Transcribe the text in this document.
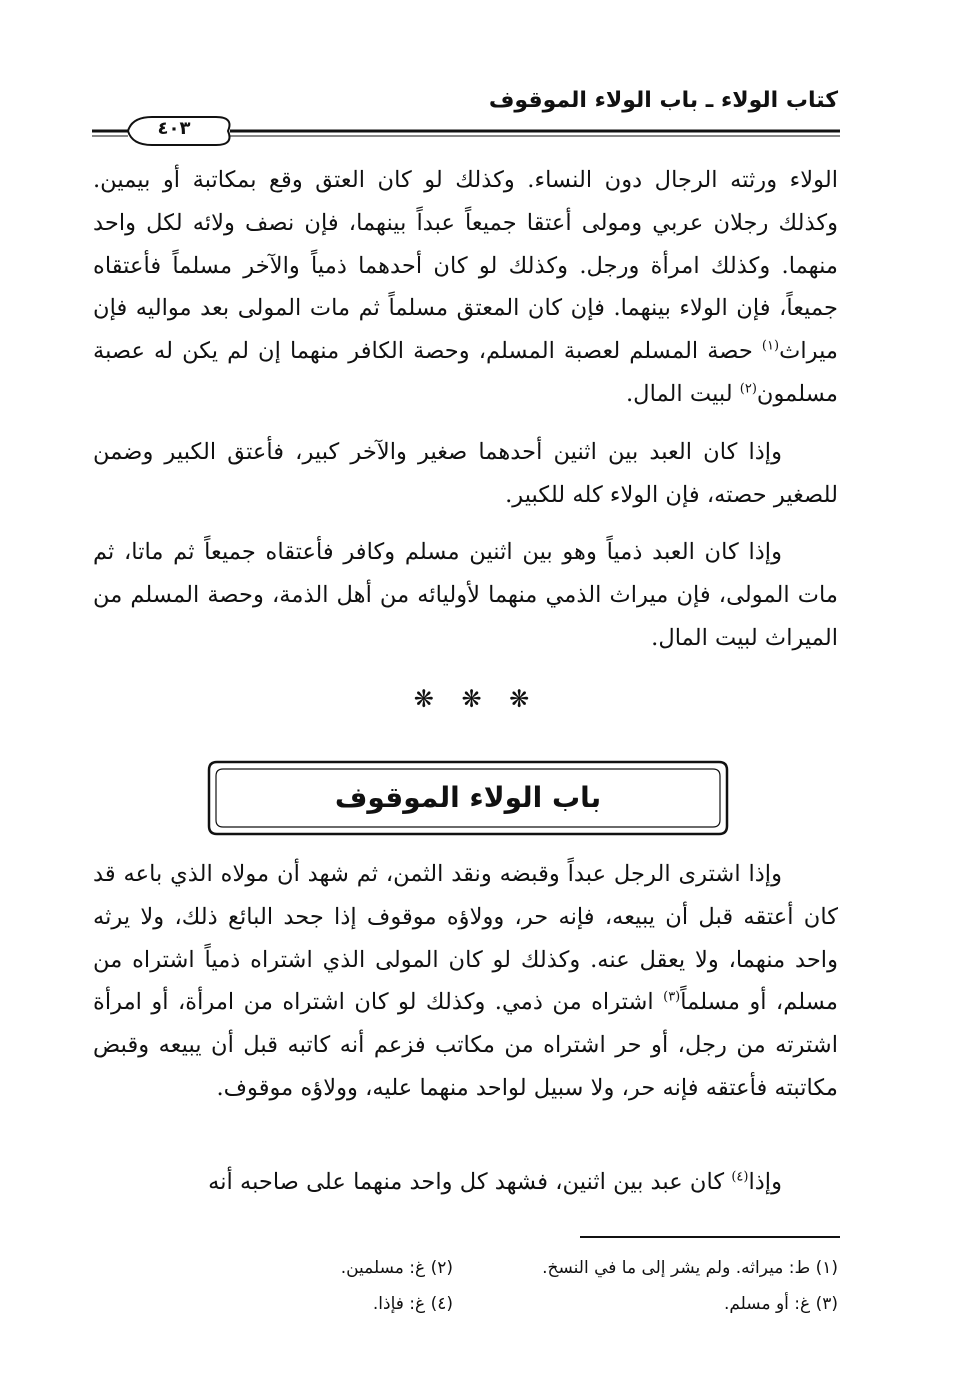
كتاب الولاء ـ باب الولاء الموقوف
٤٠٣

الولاء ورثته الرجال دون النساء. وكذلك لو كان العتق وقع بمكاتبة أو بيمين. وكذلك رجلان عربي ومولى أعتقا جميعاً عبداً بينهما، فإن نصف ولائه لكل واحد منهما. وكذلك امرأة ورجل. وكذلك لو كان أحدهما ذمياً والآخر مسلماً فأعتقاه جميعاً، فإن الولاء بينهما. فإن كان المعتق مسلماً ثم مات المولى بعد مواليه فإن ميراث$^{(١)}$ حصة المسلم لعصبة المسلم، وحصة الكافر منهما إن لم يكن له عصبة مسلمون$^{(٢)}$ لبيت المال.

وإذا كان العبد بين اثنين أحدهما صغير والآخر كبير، فأعتق الكبير وضمن للصغير حصته، فإن الولاء كله للكبير.

وإذا كان العبد ذمياً وهو بين اثنين مسلم وكافر فأعتقاه جميعاً ثم ماتا، ثم مات المولى، فإن ميراث الذمي منهما لأوليائه من أهل الذمة، وحصة المسلم من الميراث لبيت المال.

❋ ❋ ❋
باب الولاء الموقوف

وإذا اشترى الرجل عبداً وقبضه ونقد الثمن، ثم شهد أن مولاه الذي باعه قد كان أعتقه قبل أن يبيعه، فإنه حر، وولاؤه موقوف إذا جحد البائع ذلك، ولا يرثه واحد منهما، ولا يعقل عنه. وكذلك لو كان المولى الذي اشتراه ذمياً اشتراه من مسلم، أو مسلماً$^{(٣)}$ اشتراه من ذمي. وكذلك لو كان اشتراه من امرأة، أو امرأة اشترته من رجل، أو حر اشتراه من مكاتب فزعم أنه كاتبه قبل أن يبيعه وقبض مكاتبته فأعتقه فإنه حر، ولا سبيل لواحد منهما عليه، وولاؤه موقوف.

وإذا$^{(٤)}$ كان عبد بين اثنين، فشهد كل واحد منهما على صاحبه أنه

(١) ط: ميراثه. ولم يشر إلى ما في النسخ.
(٢) غ: مسلمين.
(٣) غ: أو مسلم.
(٤) غ: فإذا.
